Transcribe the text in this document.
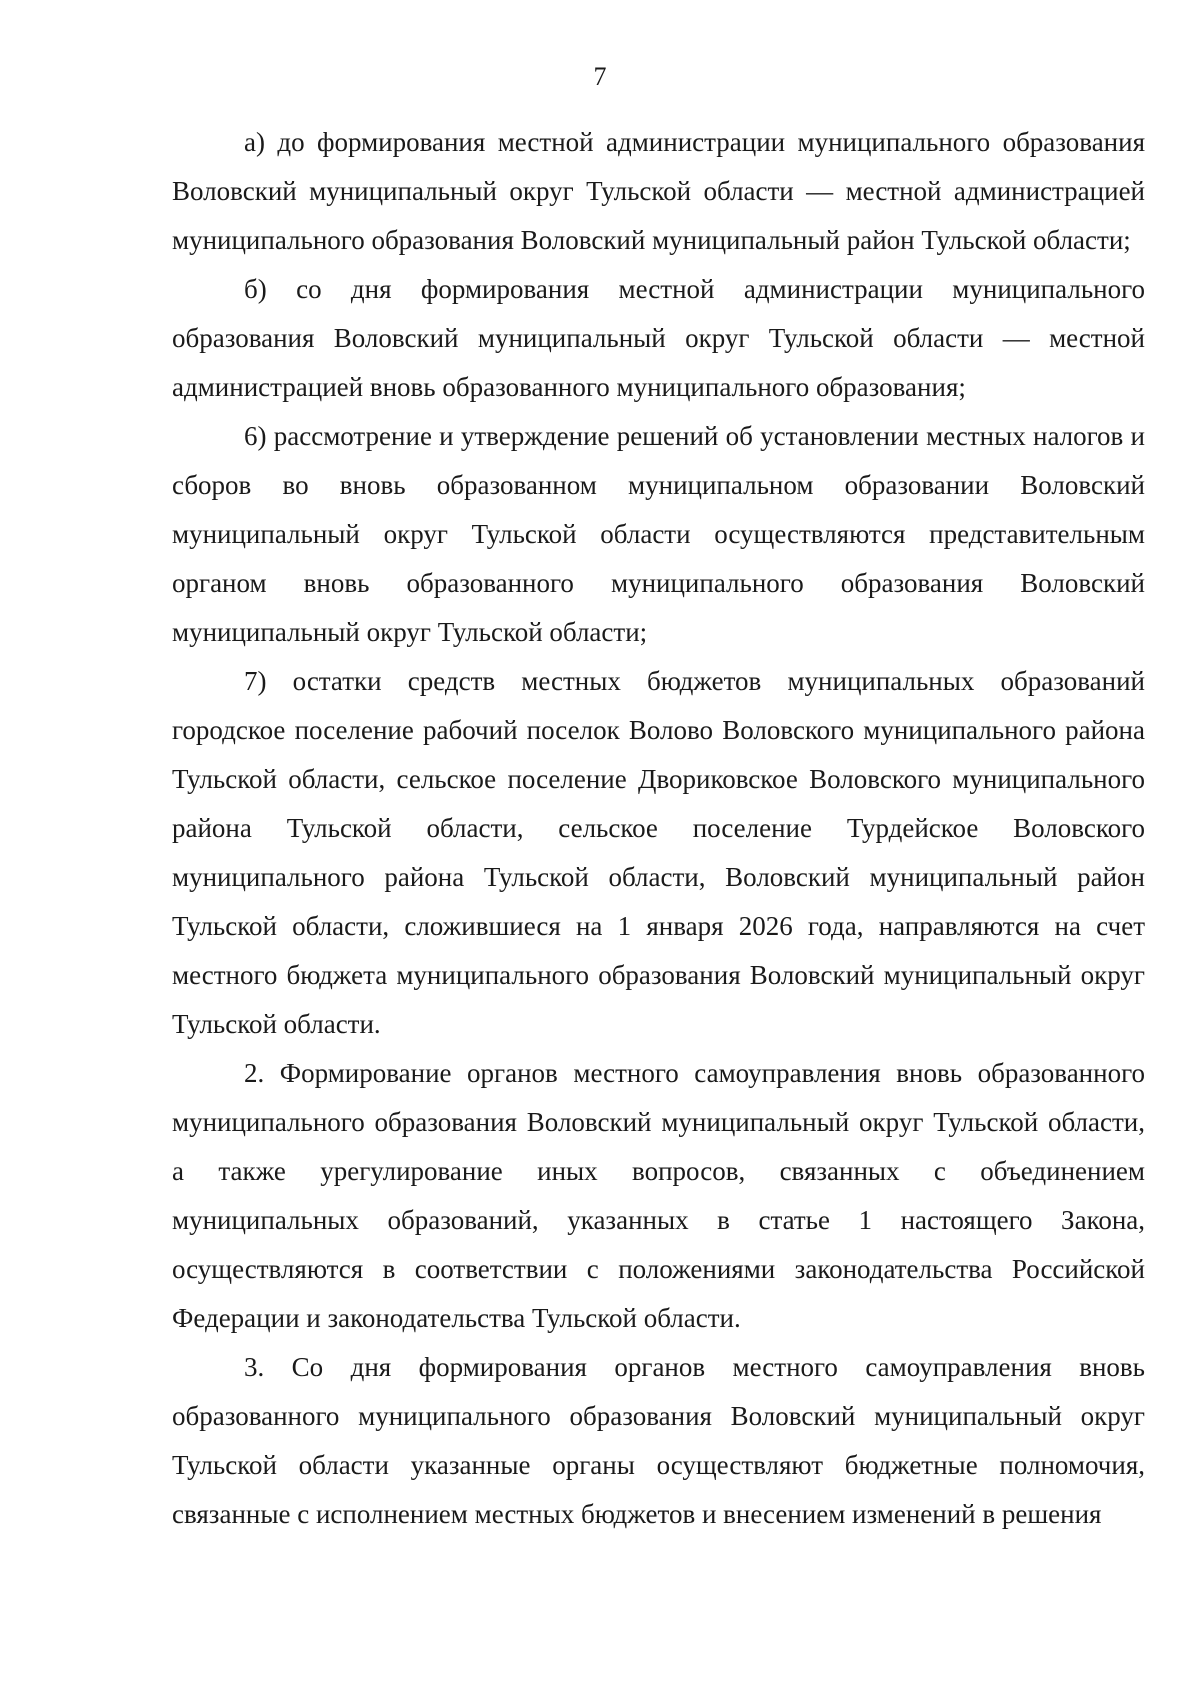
7

а) до формирования местной администрации муниципального образования Воловский муниципальный округ Тульской области — местной администрацией муниципального образования Воловский муниципальный район Тульской области;

б) со дня формирования местной администрации муниципального образования Воловский муниципальный округ Тульской области — местной администрацией вновь образованного муниципального образования;

6) рассмотрение и утверждение решений об установлении местных налогов и сборов во вновь образованном муниципальном образовании Воловский муниципальный округ Тульской области осуществляются представительным органом вновь образованного муниципального образования Воловский муниципальный округ Тульской области;

7) остатки средств местных бюджетов муниципальных образований городское поселение рабочий поселок Волово Воловского муниципального района Тульской области, сельское поселение Двориковское Воловского муниципального района Тульской области, сельское поселение Турдейское Воловского муниципального района Тульской области, Воловский муниципальный район Тульской области, сложившиеся на 1 января 2026 года, направляются на счет местного бюджета муниципального образования Воловский муниципальный округ Тульской области.

2. Формирование органов местного самоуправления вновь образованного муниципального образования Воловский муниципальный округ Тульской области, а также урегулирование иных вопросов, связанных с объединением муниципальных образований, указанных в статье 1 настоящего Закона, осуществляются в соответствии с положениями законодательства Российской Федерации и законодательства Тульской области.

3. Со дня формирования органов местного самоуправления вновь образованного муниципального образования Воловский муниципальный округ Тульской области указанные органы осуществляют бюджетные полномочия, связанные с исполнением местных бюджетов и внесением изменений в решения
